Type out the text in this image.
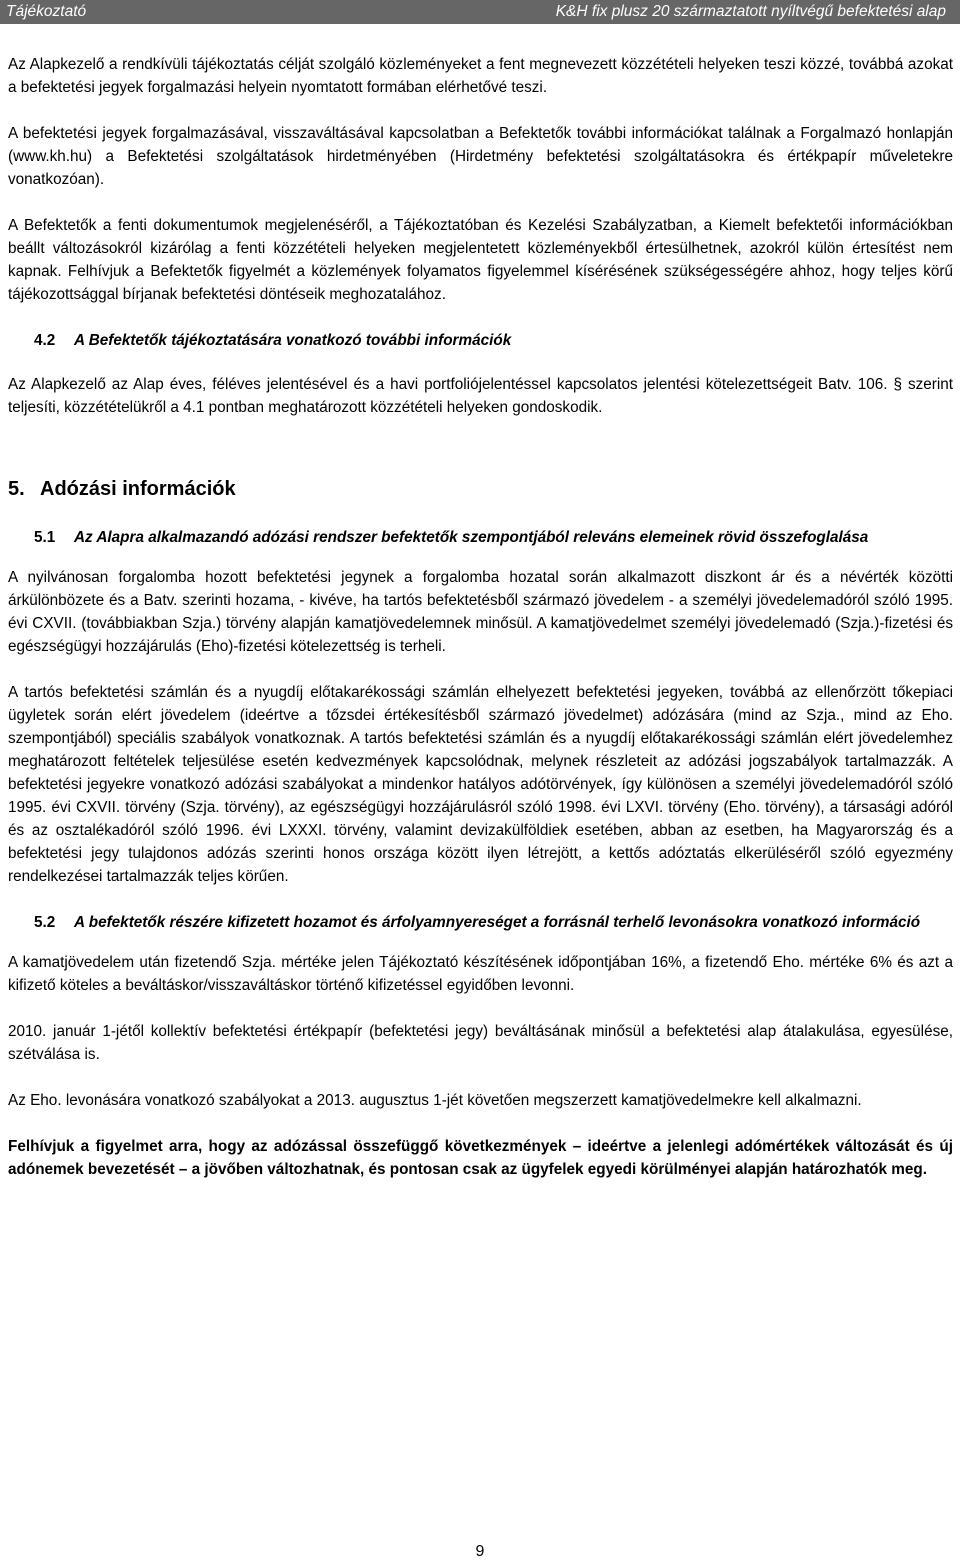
Tájékoztató	K&H fix plusz 20 származtatott nyíltvégű befektetési alap

Az Alapkezelő a rendkívüli tájékoztatás célját szolgáló közleményeket a fent megnevezett közzétételi helyeken teszi közzé, továbbá azokat a befektetési jegyek forgalmazási helyein nyomtatott formában elérhetővé teszi.

A befektetési jegyek forgalmazásával, visszaváltásával kapcsolatban a Befektetők további információkat találnak a Forgalmazó honlapján (www.kh.hu) a Befektetési szolgáltatások hirdetményében (Hirdetmény befektetési szolgáltatásokra és értékpapír műveletekre vonatkozóan).

A Befektetők a fenti dokumentumok megjelenéséről, a Tájékoztatóban és Kezelési Szabályzatban, a Kiemelt befektetői információkban beállt változásokról kizárólag a fenti közzétételi helyeken megjelentetett közleményekből értesülhetnek, azokról külön értesítést nem kapnak. Felhívjuk a Befektetők figyelmét a közlemények folyamatos figyelemmel kísérésének szükségességére ahhoz, hogy teljes körű tájékozottsággal bírjanak befektetési döntéseik meghozatalához.

4.2 A Befektetők tájékoztatására vonatkozó további információk

Az Alapkezelő az Alap éves, féléves jelentésével és a havi portfoliójelentéssel kapcsolatos jelentési kötelezettségeit Batv. 106. § szerint teljesíti, közzétételükről a 4.1 pontban meghatározott közzétételi helyeken gondoskodik.

5. Adózási információk
5.1 Az Alapra alkalmazandó adózási rendszer befektetők szempontjából releváns elemeinek rövid összefoglalása

A nyilvánosan forgalomba hozott befektetési jegynek a forgalomba hozatal során alkalmazott diszkont ár és a névérték közötti árkülönbözete és a Batv. szerinti hozama, - kivéve, ha tartós befektetésből származó jövedelem - a személyi jövedelemadóról szóló 1995. évi CXVII. (továbbiakban Szja.) törvény alapján kamatjövedelemnek minősül. A kamatjövedelmet személyi jövedelemadó (Szja.)-fizetési és egészségügyi hozzájárulás (Eho)-fizetési kötelezettség is terheli.

A tartós befektetési számlán és a nyugdíj előtakarékossági számlán elhelyezett befektetési jegyeken, továbbá az ellenőrzött tőkepiaci ügyletek során elért jövedelem (ideértve a tőzsdei értékesítésből származó jövedelmet) adózására (mind az Szja., mind az Eho. szempontjából) speciális szabályok vonatkoznak. A tartós befektetési számlán és a nyugdíj előtakarékossági számlán elért jövedelemhez meghatározott feltételek teljesülése esetén kedvezmények kapcsolódnak, melynek részleteit az adózási jogszabályok tartalmazzák. A befektetési jegyekre vonatkozó adózási szabályokat a mindenkor hatályos adótörvények, így különösen a személyi jövedelemadóról szóló 1995. évi CXVII. törvény (Szja. törvény), az egészségügyi hozzájárulásról szóló 1998. évi LXVI. törvény (Eho. törvény), a társasági adóról és az osztalékadóról szóló 1996. évi LXXXI. törvény, valamint devizakülföldiek esetében, abban az esetben, ha Magyarország és a befektetési jegy tulajdonos adózás szerinti honos országa között ilyen létrejött, a kettős adóztatás elkerüléséről szóló egyezmény rendelkezései tartalmazzák teljes körűen.

5.2 A befektetők részére kifizetett hozamot és árfolyamnyereséget a forrásnál terhelő levonásokra vonatkozó információ

A kamatjövedelem után fizetendő Szja. mértéke jelen Tájékoztató készítésének időpontjában 16%, a fizetendő Eho. mértéke 6% és azt a kifizető köteles a beváltáskor/visszaváltáskor történő kifizetéssel egyidőben levonni.

2010. január 1-jétől kollektív befektetési értékpapír (befektetési jegy) beváltásának minősül a befektetési alap átalakulása, egyesülése, szétválása is.

Az Eho. levonására vonatkozó szabályokat a 2013. augusztus 1-jét követően megszerzett kamatjövedelmekre kell alkalmazni.

Felhívjuk a figyelmet arra, hogy az adózással összefüggő következmények – ideértve a jelenlegi adómértékek változását és új adónemek bevezetését – a jövőben változhatnak, és pontosan csak az ügyfelek egyedi körülményei alapján határozhatók meg.

9
